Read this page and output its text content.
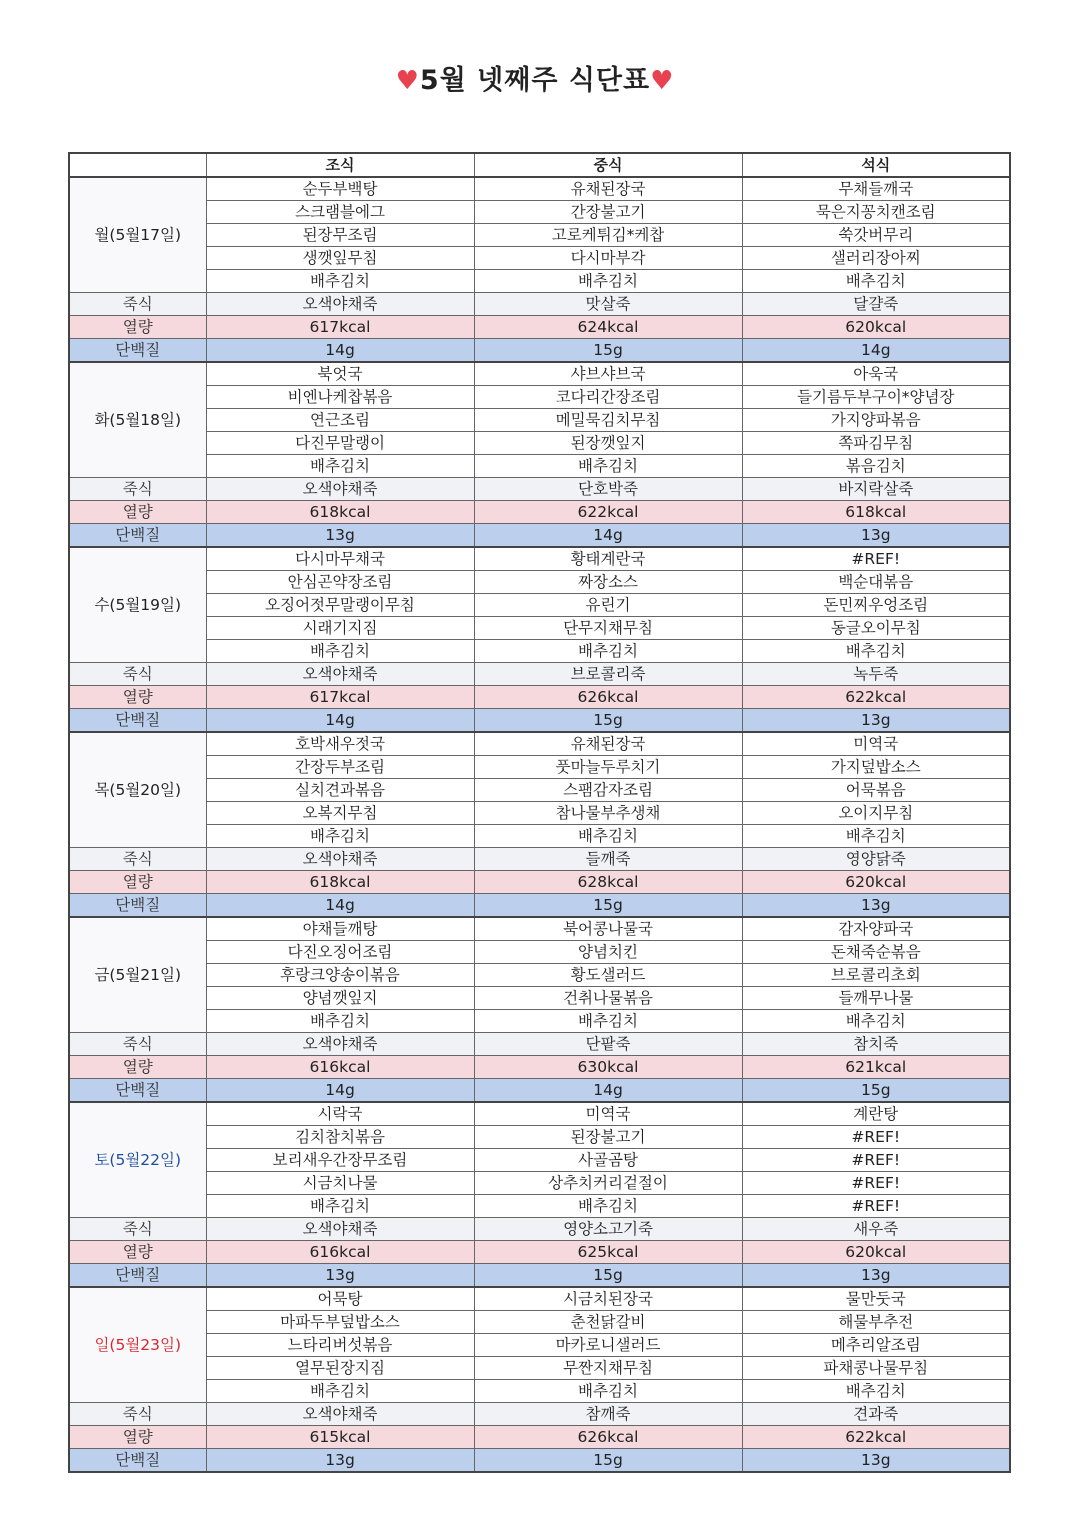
♥5월 넷째주 식단표♥
	조식	중식	석식
월(5월17일)	순두부백탕	유채된장국	무채들깨국
	스크램블에그	간장불고기	묵은지꽁치캔조림
	된장무조림	고로케튀김*케찹	쑥갓버무리
	생깻잎무침	다시마부각	샐러리장아찌
	배추김치	배추김치	배추김치
죽식	오색야채죽	맛살죽	달걀죽
열량	617kcal	624kcal	620kcal
단백질	14g	15g	14g
화(5월18일)	북엇국	샤브샤브국	아욱국
	비엔나케찹볶음	코다리간장조림	들기름두부구이*양념장
	연근조림	메밀묵김치무침	가지양파볶음
	다진무말랭이	된장깻잎지	쪽파김무침
	배추김치	배추김치	볶음김치
죽식	오색야채죽	단호박죽	바지락살죽
열량	618kcal	622kcal	618kcal
단백질	13g	14g	13g
수(5월19일)	다시마무채국	황태계란국	#REF!
	안심곤약장조림	짜장소스	백순대볶음
	오징어젓무말랭이무침	유린기	돈민찌우엉조림
	시래기지짐	단무지채무침	동글오이무침
	배추김치	배추김치	배추김치
죽식	오색야채죽	브로콜리죽	녹두죽
열량	617kcal	626kcal	622kcal
단백질	14g	15g	13g
목(5월20일)	호박새우젓국	유채된장국	미역국
	간장두부조림	풋마늘두루치기	가지덮밥소스
	실치견과볶음	스팸감자조림	어묵볶음
	오복지무침	참나물부추생채	오이지무침
	배추김치	배추김치	배추김치
죽식	오색야채죽	들깨죽	영양닭죽
열량	618kcal	628kcal	620kcal
단백질	14g	15g	13g
금(5월21일)	야채들깨탕	북어콩나물국	감자양파국
	다진오징어조림	양념치킨	돈채죽순볶음
	후랑크양송이볶음	황도샐러드	브로콜리초회
	양념깻잎지	건취나물볶음	들깨무나물
	배추김치	배추김치	배추김치
죽식	오색야채죽	단팥죽	참치죽
열량	616kcal	630kcal	621kcal
단백질	14g	14g	15g
토(5월22일)	시락국	미역국	계란탕
	김치참치볶음	된장불고기	#REF!
	보리새우간장무조림	사골곰탕	#REF!
	시금치나물	상추치커리겉절이	#REF!
	배추김치	배추김치	#REF!
죽식	오색야채죽	영양소고기죽	새우죽
열량	616kcal	625kcal	620kcal
단백질	13g	15g	13g
일(5월23일)	어묵탕	시금치된장국	물만둣국
	마파두부덮밥소스	춘천닭갈비	해물부추전
	느타리버섯볶음	마카로니샐러드	메추리알조림
	열무된장지짐	무짠지채무침	파채콩나물무침
	배추김치	배추김치	배추김치
죽식	오색야채죽	참깨죽	견과죽
열량	615kcal	626kcal	622kcal
단백질	13g	15g	13g
